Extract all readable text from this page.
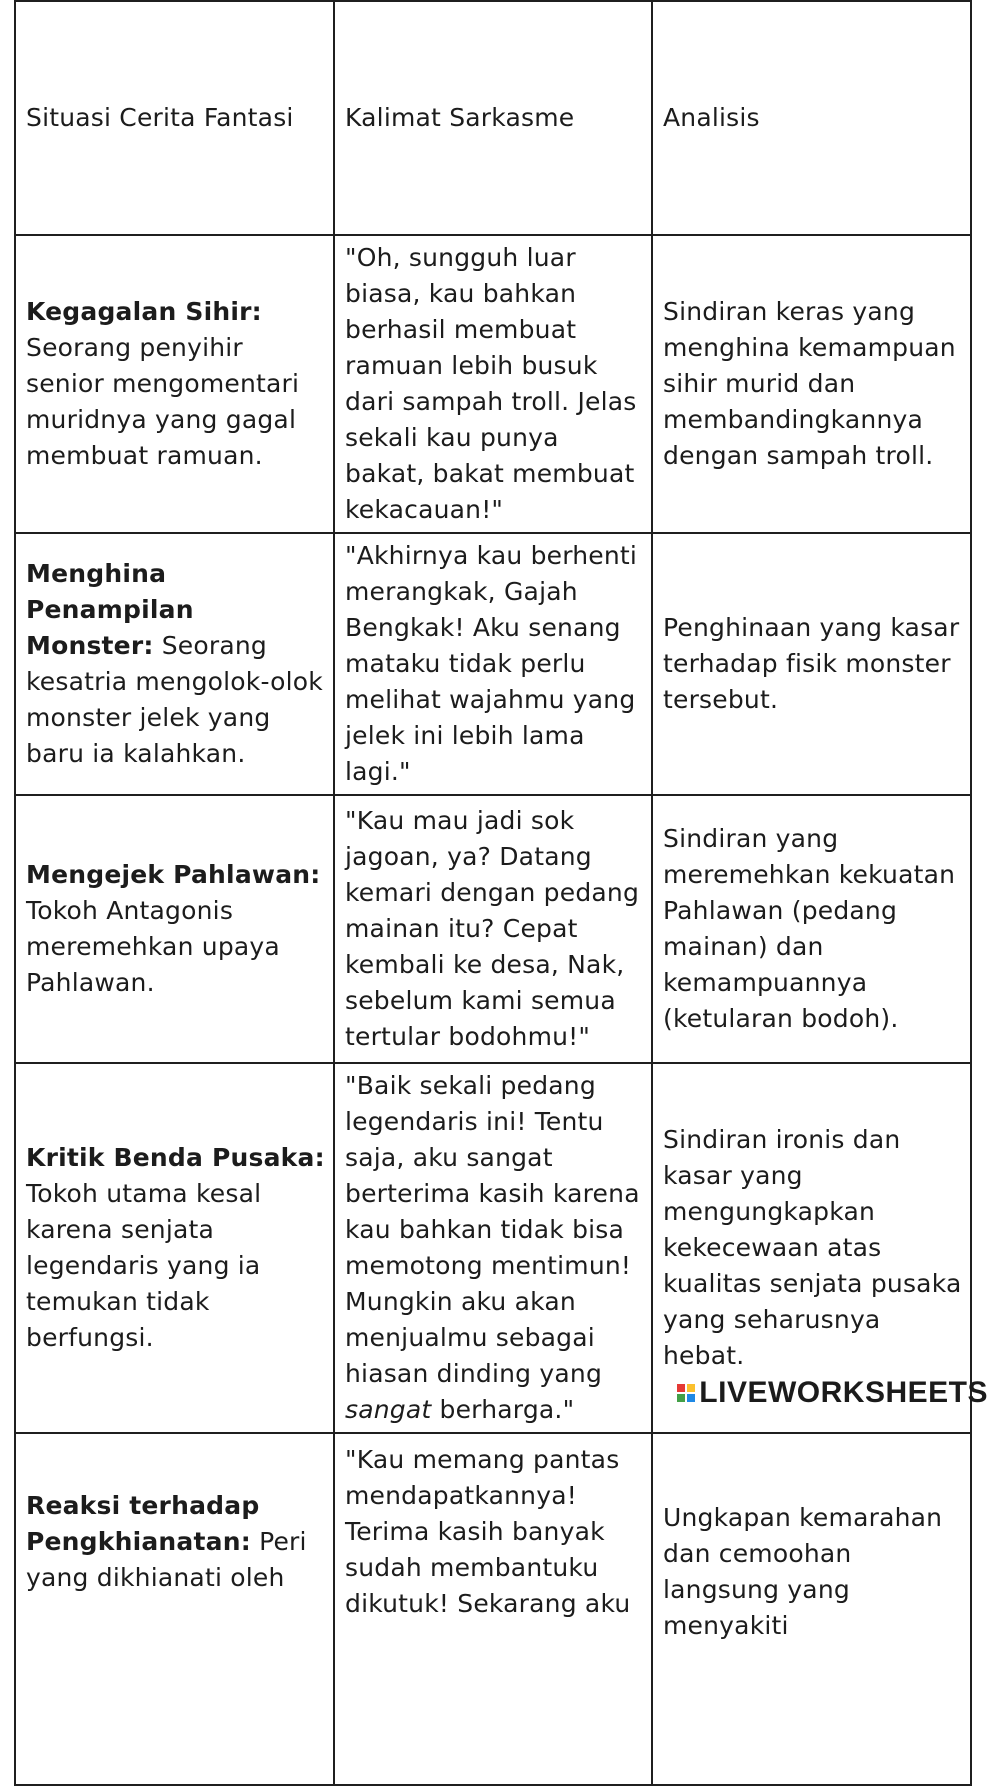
Situasi Cerita Fantasi	Kalimat Sarkasme	Analisis
Kegagalan Sihir:
Seorang penyihir senior mengomentari muridnya yang gagal membuat ramuan.	"Oh, sungguh luar biasa, kau bahkan berhasil membuat ramuan lebih busuk dari sampah troll. Jelas sekali kau punya bakat, bakat membuat kekacauan!"	Sindiran keras yang menghina kemampuan sihir murid dan membandingkannya dengan sampah troll.
Menghina Penampilan Monster: Seorang kesatria mengolok-olok monster jelek yang baru ia kalahkan.	"Akhirnya kau berhenti merangkak, Gajah Bengkak! Aku senang mataku tidak perlu melihat wajahmu yang jelek ini lebih lama lagi."	Penghinaan yang kasar terhadap fisik monster tersebut.
Mengejek Pahlawan:
Tokoh Antagonis meremehkan upaya Pahlawan.	"Kau mau jadi sok jagoan, ya? Datang kemari dengan pedang mainan itu? Cepat kembali ke desa, Nak, sebelum kami semua tertular bodohmu!"	Sindiran yang meremehkan kekuatan Pahlawan (pedang mainan) dan kemampuannya (ketularan bodoh).
Kritik Benda Pusaka:
Tokoh utama kesal karena senjata legendaris yang ia temukan tidak berfungsi.	"Baik sekali pedang legendaris ini! Tentu saja, aku sangat berterima kasih karena kau bahkan tidak bisa memotong mentimun! Mungkin aku akan menjualmu sebagai hiasan dinding yang sangat berharga."	Sindiran ironis dan kasar yang mengungkapkan kekecewaan atas kualitas senjata pusaka yang seharusnya hebat.
Reaksi terhadap Pengkhianatan: Peri yang dikhianati oleh	"Kau memang pantas mendapatkannya! Terima kasih banyak sudah membantuku dikutuk! Sekarang aku	Ungkapan kemarahan dan cemoohan langsung yang menyakiti
LIVEWORKSHEETS
